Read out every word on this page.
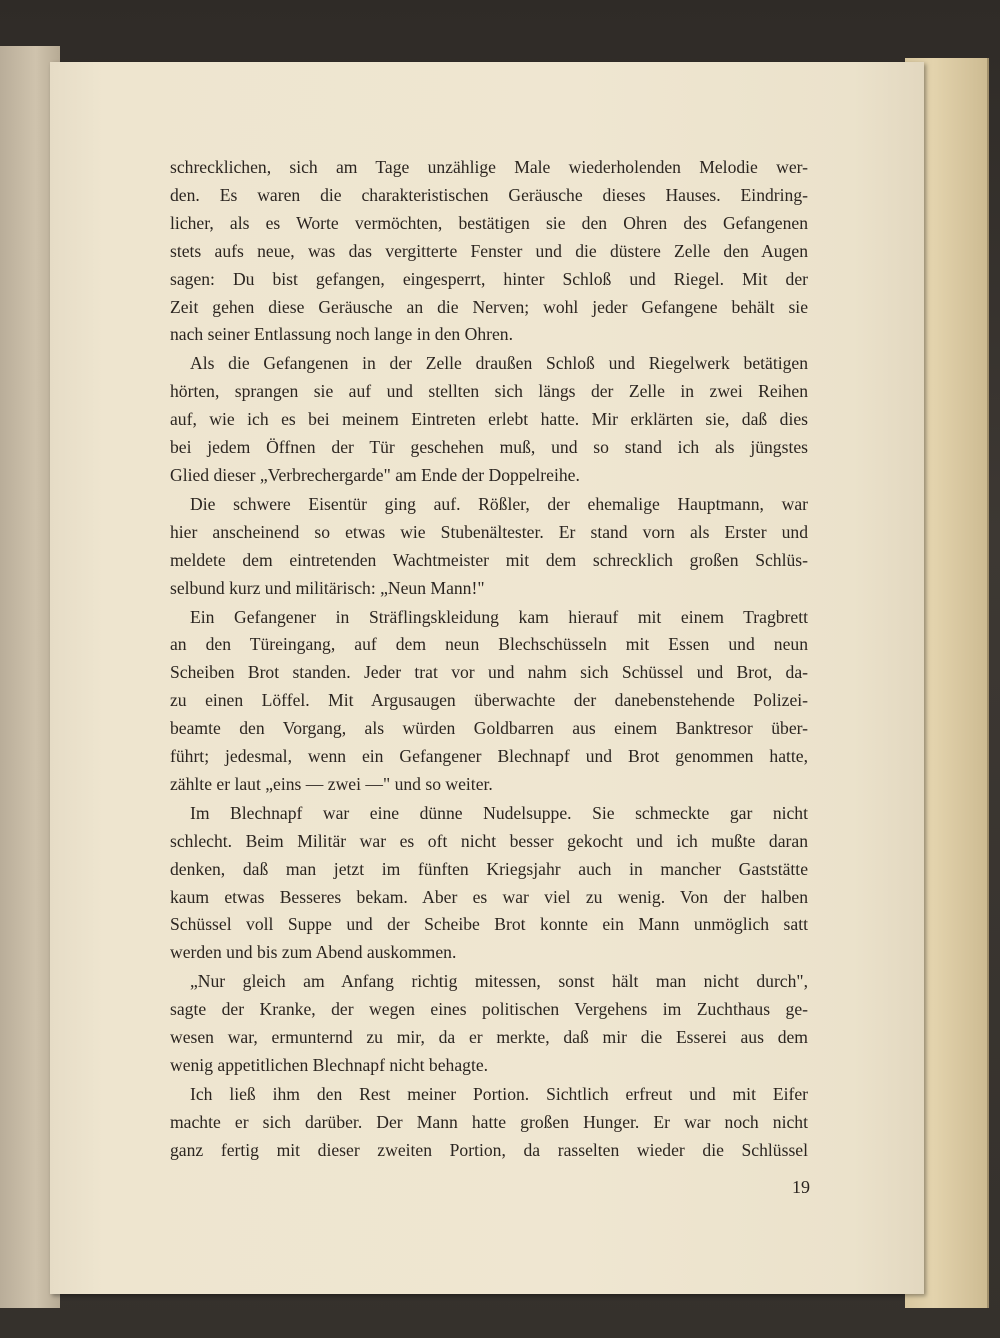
schrecklichen, sich am Tage unzählige Male wiederholenden Melodie wer-
den. Es waren die charakteristischen Geräusche dieses Hauses. Eindring-
licher, als es Worte vermöchten, bestätigen sie den Ohren des Gefangenen
stets aufs neue, was das vergitterte Fenster und die düstere Zelle den Augen
sagen: Du bist gefangen, eingesperrt, hinter Schloß und Riegel. Mit der
Zeit gehen diese Geräusche an die Nerven; wohl jeder Gefangene behält sie
nach seiner Entlassung noch lange in den Ohren.

Als die Gefangenen in der Zelle draußen Schloß und Riegelwerk betätigen
hörten, sprangen sie auf und stellten sich längs der Zelle in zwei Reihen
auf, wie ich es bei meinem Eintreten erlebt hatte. Mir erklärten sie, daß dies
bei jedem Öffnen der Tür geschehen muß, und so stand ich als jüngstes
Glied dieser „Verbrechergarde" am Ende der Doppelreihe.

Die schwere Eisentür ging auf. Rößler, der ehemalige Hauptmann, war
hier anscheinend so etwas wie Stubenältester. Er stand vorn als Erster und
meldete dem eintretenden Wachtmeister mit dem schrecklich großen Schlüs-
selbund kurz und militärisch: „Neun Mann!"

Ein Gefangener in Sträflingskleidung kam hierauf mit einem Tragbrett
an den Türeingang, auf dem neun Blechschüsseln mit Essen und neun
Scheiben Brot standen. Jeder trat vor und nahm sich Schüssel und Brot, da-
zu einen Löffel. Mit Argusaugen überwachte der danebenstehende Polizei-
beamte den Vorgang, als würden Goldbarren aus einem Banktresor über-
führt; jedesmal, wenn ein Gefangener Blechnapf und Brot genommen hatte,
zählte er laut „eins — zwei —" und so weiter.

Im Blechnapf war eine dünne Nudelsuppe. Sie schmeckte gar nicht
schlecht. Beim Militär war es oft nicht besser gekocht und ich mußte daran
denken, daß man jetzt im fünften Kriegsjahr auch in mancher Gaststätte
kaum etwas Besseres bekam. Aber es war viel zu wenig. Von der halben
Schüssel voll Suppe und der Scheibe Brot konnte ein Mann unmöglich satt
werden und bis zum Abend auskommen.

„Nur gleich am Anfang richtig mitessen, sonst hält man nicht durch",
sagte der Kranke, der wegen eines politischen Vergehens im Zuchthaus ge-
wesen war, ermunternd zu mir, da er merkte, daß mir die Esserei aus dem
wenig appetitlichen Blechnapf nicht behagte.

Ich ließ ihm den Rest meiner Portion. Sichtlich erfreut und mit Eifer
machte er sich darüber. Der Mann hatte großen Hunger. Er war noch nicht
ganz fertig mit dieser zweiten Portion, da rasselten wieder die Schlüssel

19
